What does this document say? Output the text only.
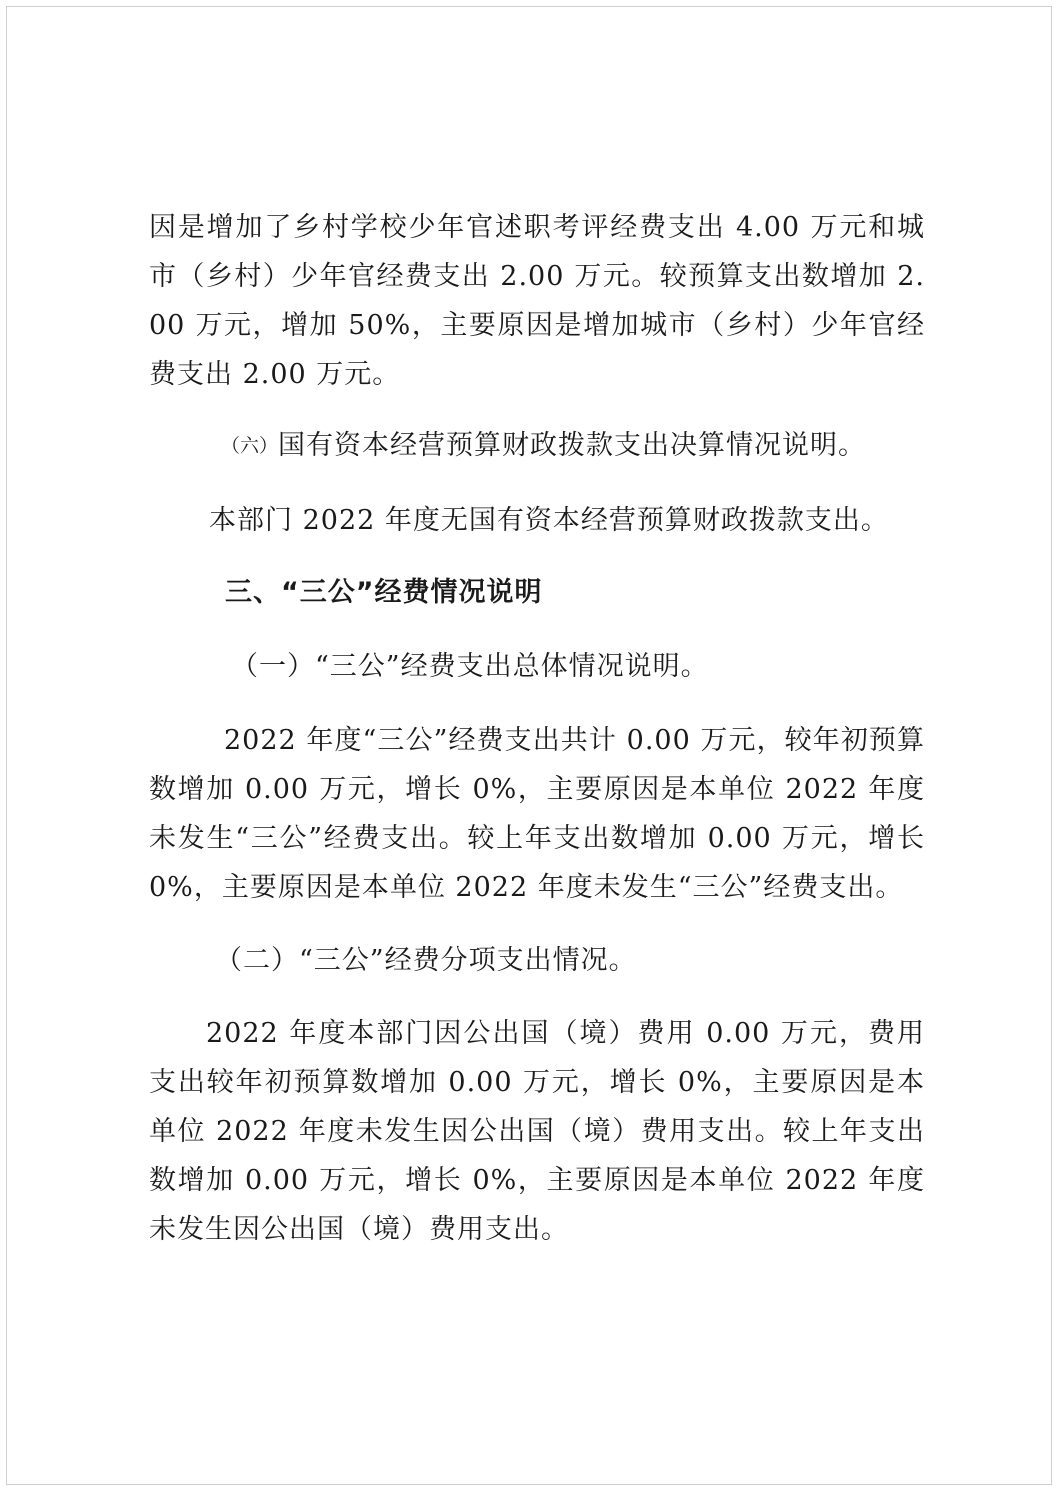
因是增加了乡村学校少年官述职考评经费支出 4.00 万元和城市（乡村）少年官经费支出 2.00 万元。较预算支出数增加 2.00 万元，增加 50%，主要原因是增加城市（乡村）少年官经费支出 2.00 万元。

（六）国有资本经营预算财政拨款支出决算情况说明。

本部门 2022 年度无国有资本经营预算财政拨款支出。

三、“三公”经费情况说明

（一）“三公”经费支出总体情况说明。

2022 年度“三公”经费支出共计 0.00 万元，较年初预算数增加 0.00 万元，增长 0%，主要原因是本单位 2022 年度未发生“三公”经费支出。较上年支出数增加 0.00 万元，增长 0%，主要原因是本单位 2022 年度未发生“三公”经费支出。

（二）“三公”经费分项支出情况。

2022 年度本部门因公出国（境）费用 0.00 万元，费用支出较年初预算数增加 0.00 万元，增长 0%，主要原因是本单位 2022 年度未发生因公出国（境）费用支出。较上年支出数增加 0.00 万元，增长 0%，主要原因是本单位 2022 年度未发生因公出国（境）费用支出。
